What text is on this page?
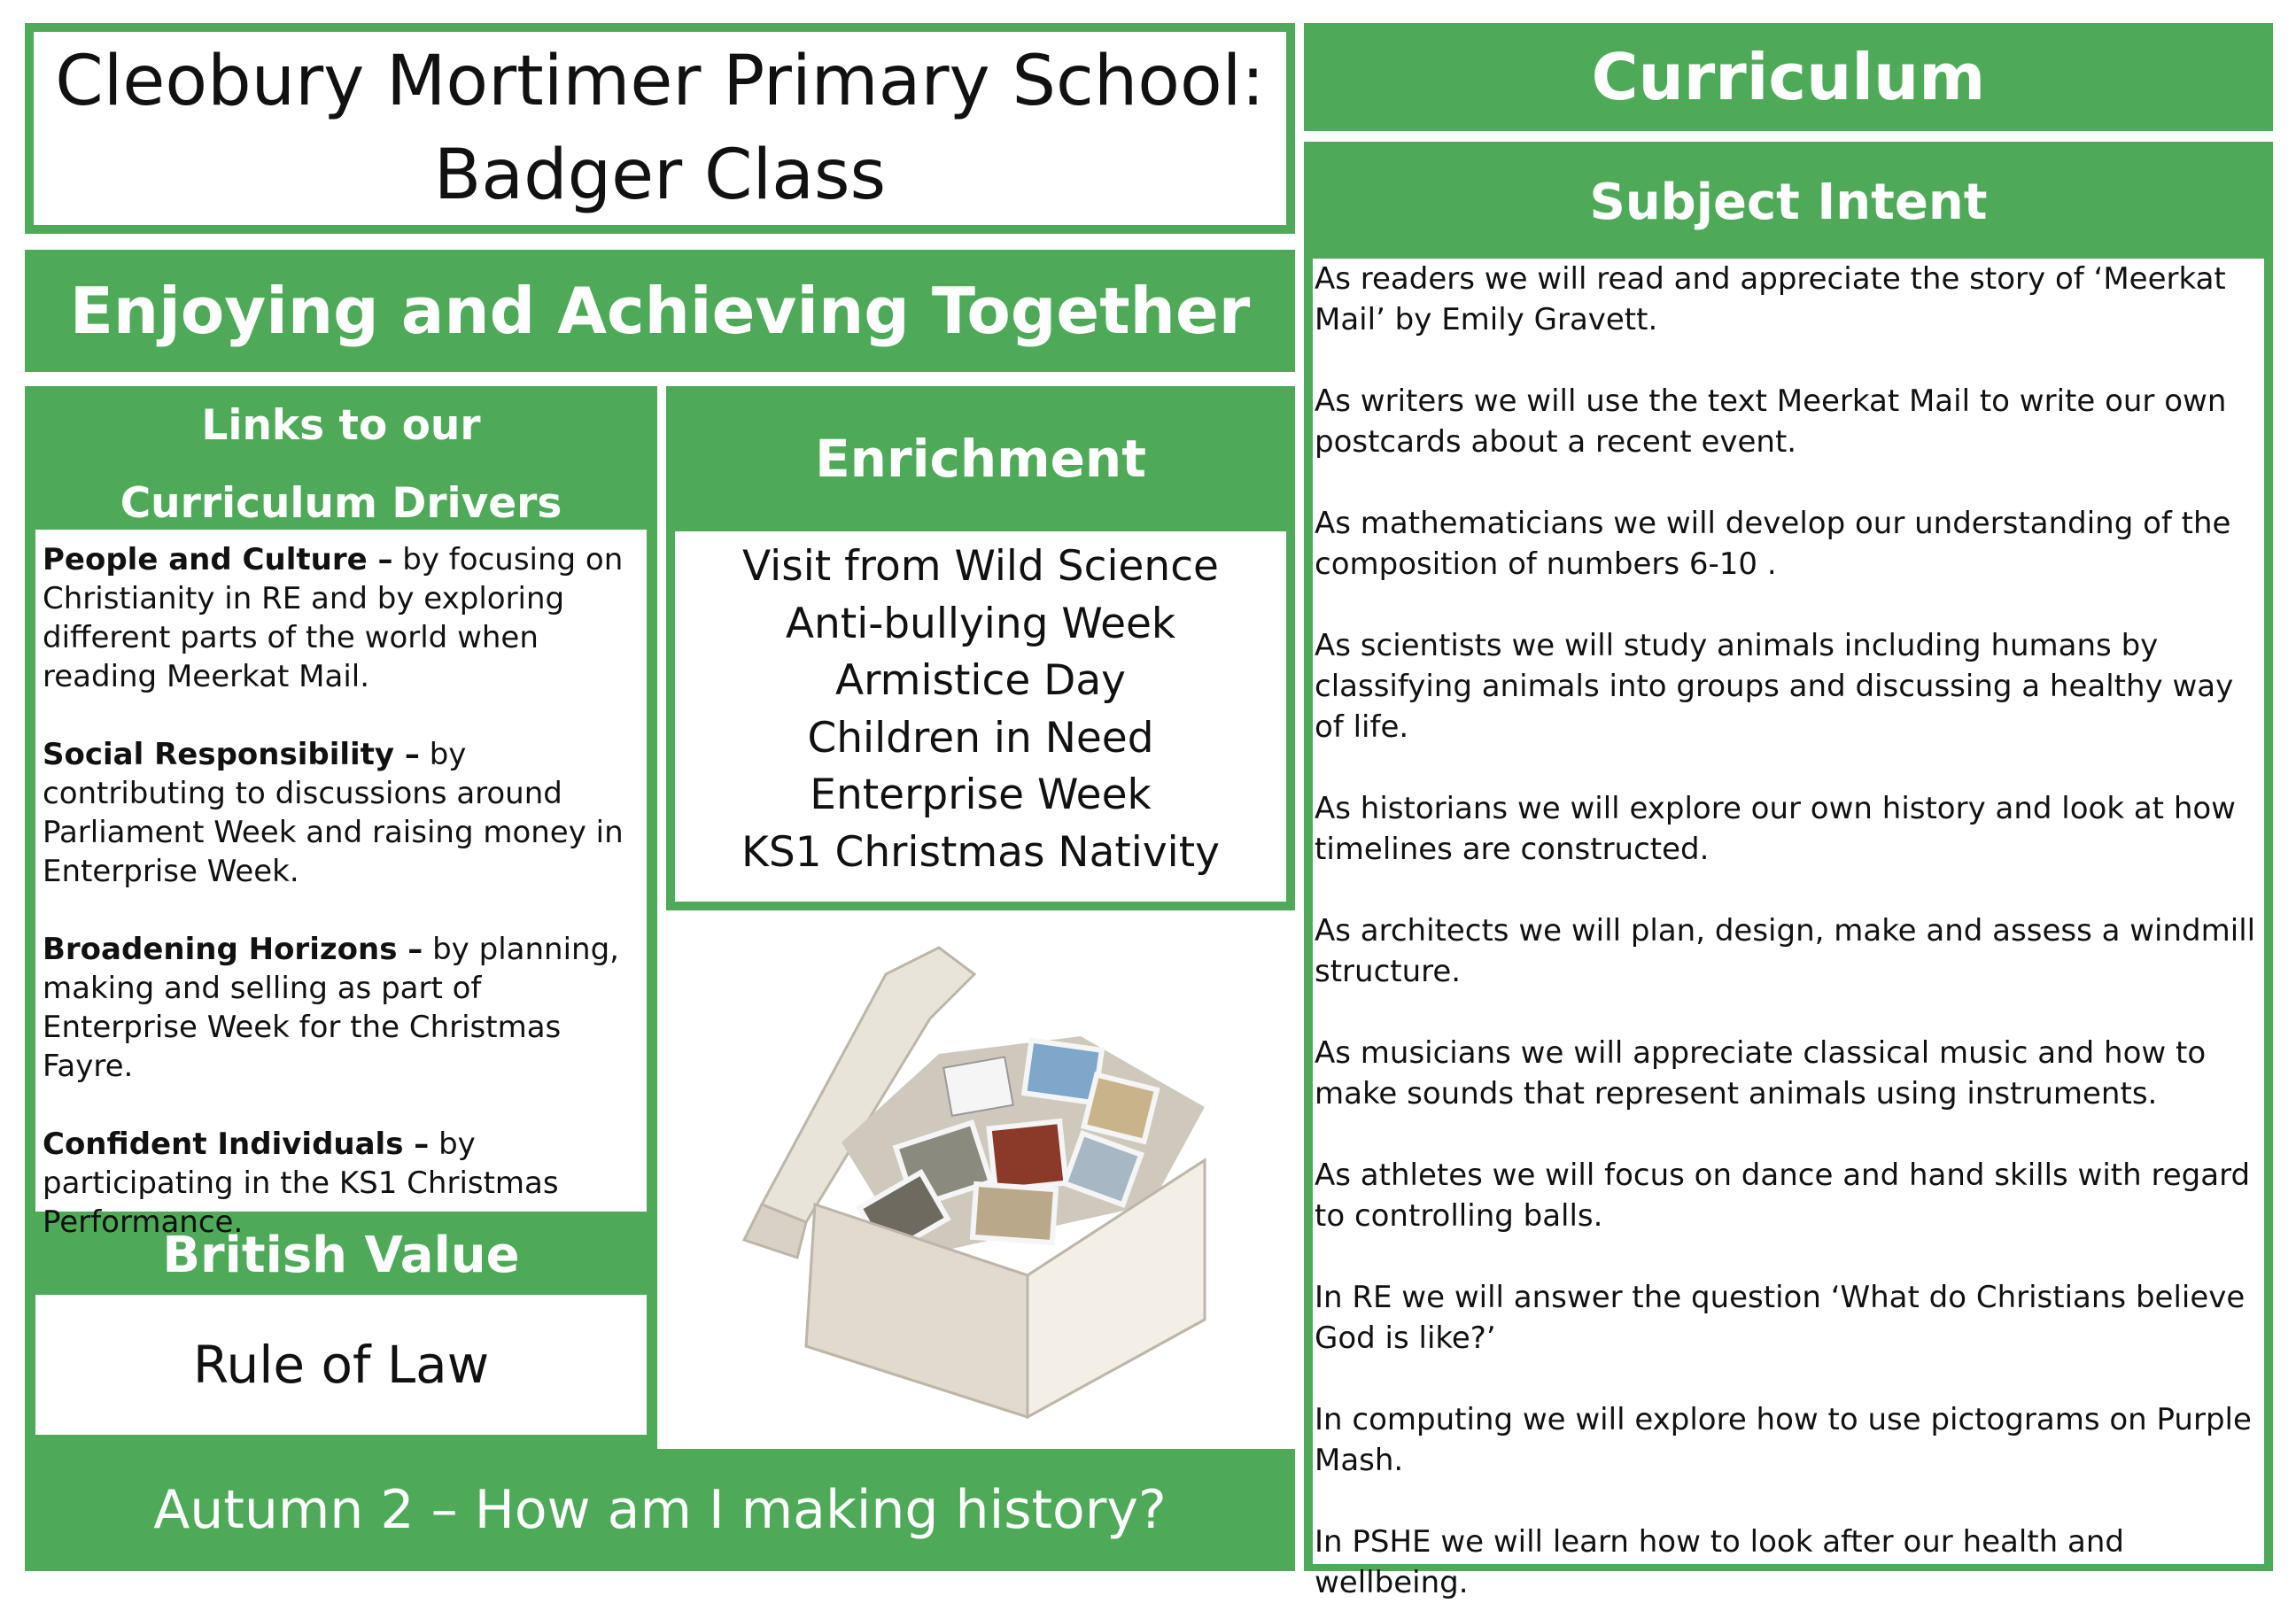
Cleobury Mortimer Primary School:
Badger Class
Enjoying and Achieving Together
Links to our
Curriculum Drivers

People and Culture – by focusing on Christianity in RE and by exploring different parts of the world when reading Meerkat Mail.

Social Responsibility – by contributing to discussions around Parliament Week and raising money in Enterprise Week.

Broadening Horizons – by planning, making and selling as part of Enterprise Week for the Christmas Fayre.

Confident Individuals – by participating in the KS1 Christmas Performance.

British Value
Rule of Law
Enrichment
Visit from Wild Science
Anti-bullying Week
Armistice Day
Children in Need
Enterprise Week
KS1 Christmas Nativity
Autumn 2 – How am I making history?
Curriculum
Subject Intent

As readers we will read and appreciate the story of ‘Meerkat Mail’ by Emily Gravett.

As writers we will use the text Meerkat Mail to write our own postcards about a recent event.

As mathematicians we will develop our understanding of the composition of numbers 6-10 .

As scientists we will study animals including humans by classifying animals into groups and discussing a healthy way of life.

As historians we will explore our own history and look at how timelines are constructed.

As architects we will plan, design, make and assess a windmill structure.

As musicians we will appreciate classical music and how to make sounds that represent animals using instruments.

As athletes we will focus on dance and hand skills with regard to controlling balls.

In RE we will answer the question ‘What do Christians believe God is like?’

In computing we will explore how to use pictograms on Purple Mash.

In PSHE we will learn how to look after our health and wellbeing.
